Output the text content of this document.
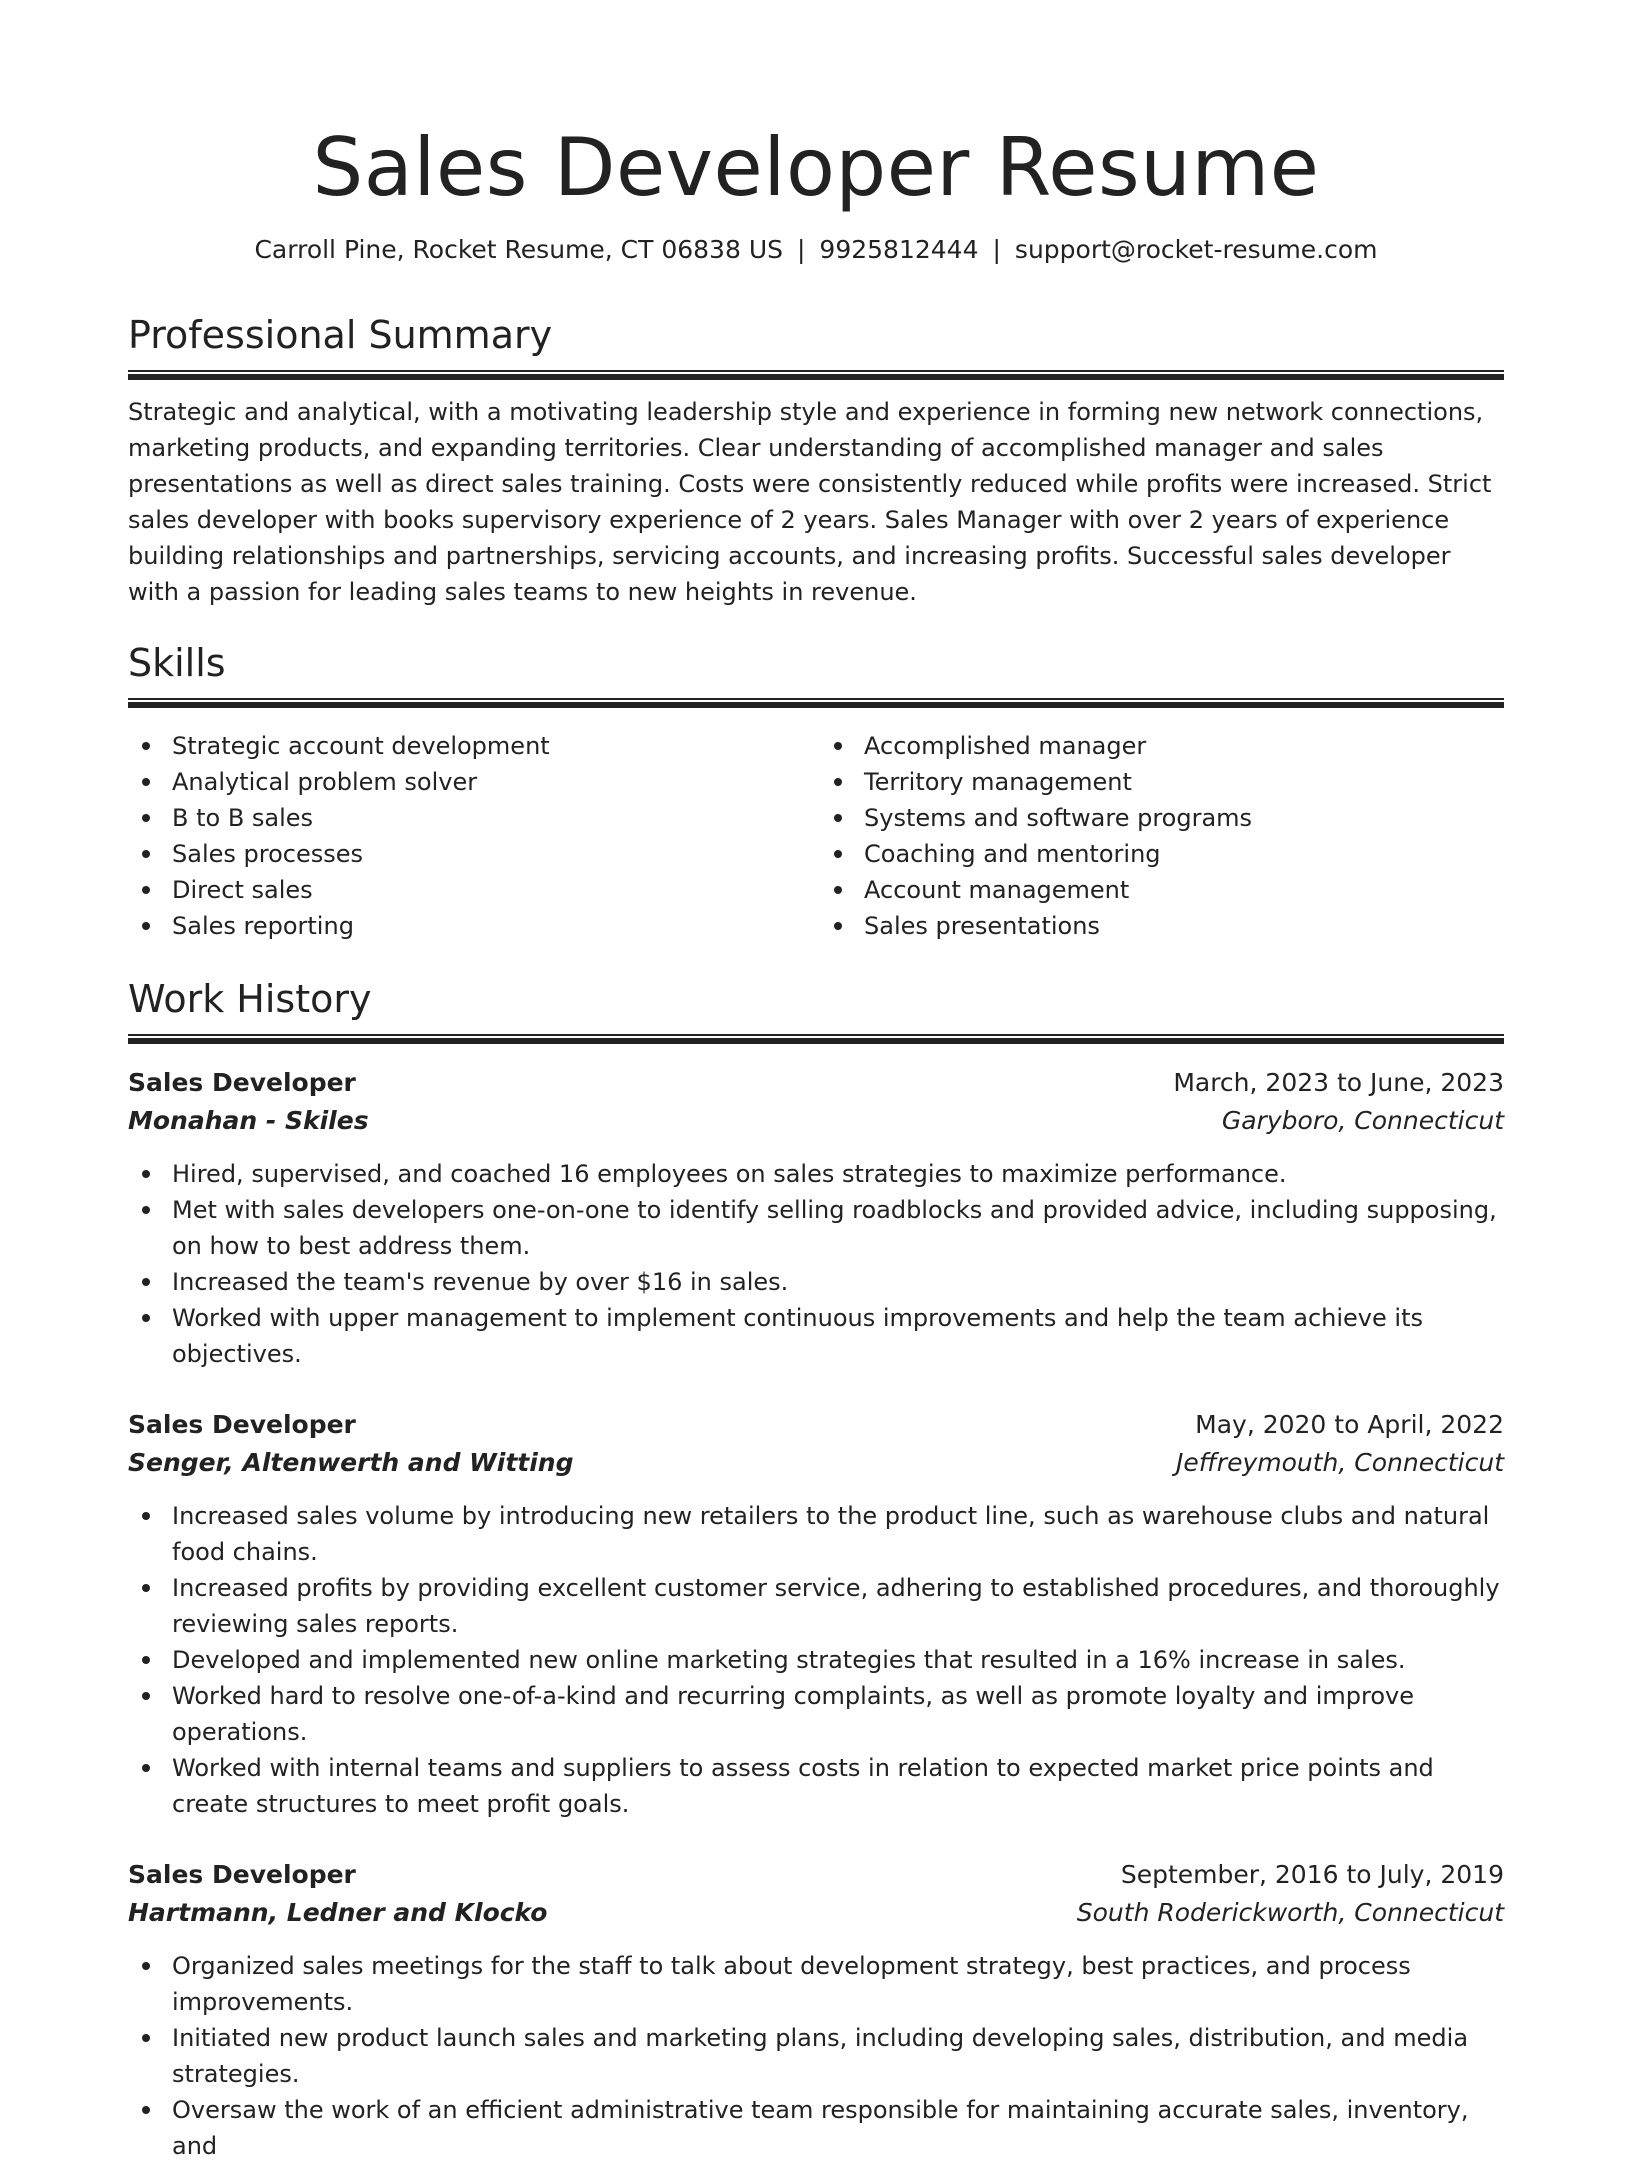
Sales Developer Resume
Carroll Pine, Rocket Resume, CT 06838 US | 9925812444 | support@rocket-resume.com
Professional Summary

Strategic and analytical, with a motivating leadership style and experience in forming new network connections, marketing products, and expanding territories. Clear understanding of accomplished manager and sales presentations as well as direct sales training. Costs were consistently reduced while profits were increased. Strict sales developer with books supervisory experience of 2 years. Sales Manager with over 2 years of experience building relationships and partnerships, servicing accounts, and increasing profits. Successful sales developer with a passion for leading sales teams to new heights in revenue.

Skills
Strategic account development
Analytical problem solver
B to B sales
Sales processes
Direct sales
Sales reporting
Accomplished manager
Territory management
Systems and software programs
Coaching and mentoring
Account management
Sales presentations
Work History
Sales Developer	March, 2023 to June, 2023
Monahan - Skiles	Garyboro, Connecticut
Hired, supervised, and coached 16 employees on sales strategies to maximize performance.
Met with sales developers one-on-one to identify selling roadblocks and provided advice, including supposing, on how to best address them.
Increased the team's revenue by over $16 in sales.
Worked with upper management to implement continuous improvements and help the team achieve its objectives.
Sales Developer	May, 2020 to April, 2022
Senger, Altenwerth and Witting	Jeffreymouth, Connecticut
Increased sales volume by introducing new retailers to the product line, such as warehouse clubs and natural food chains.
Increased profits by providing excellent customer service, adhering to established procedures, and thoroughly reviewing sales reports.
Developed and implemented new online marketing strategies that resulted in a 16% increase in sales.
Worked hard to resolve one-of-a-kind and recurring complaints, as well as promote loyalty and improve operations.
Worked with internal teams and suppliers to assess costs in relation to expected market price points and create structures to meet profit goals.
Sales Developer	September, 2016 to July, 2019
Hartmann, Ledner and Klocko	South Roderickworth, Connecticut
Organized sales meetings for the staff to talk about development strategy, best practices, and process improvements.
Initiated new product launch sales and marketing plans, including developing sales, distribution, and media strategies.
Oversaw the work of an efficient administrative team responsible for maintaining accurate sales, inventory, and
